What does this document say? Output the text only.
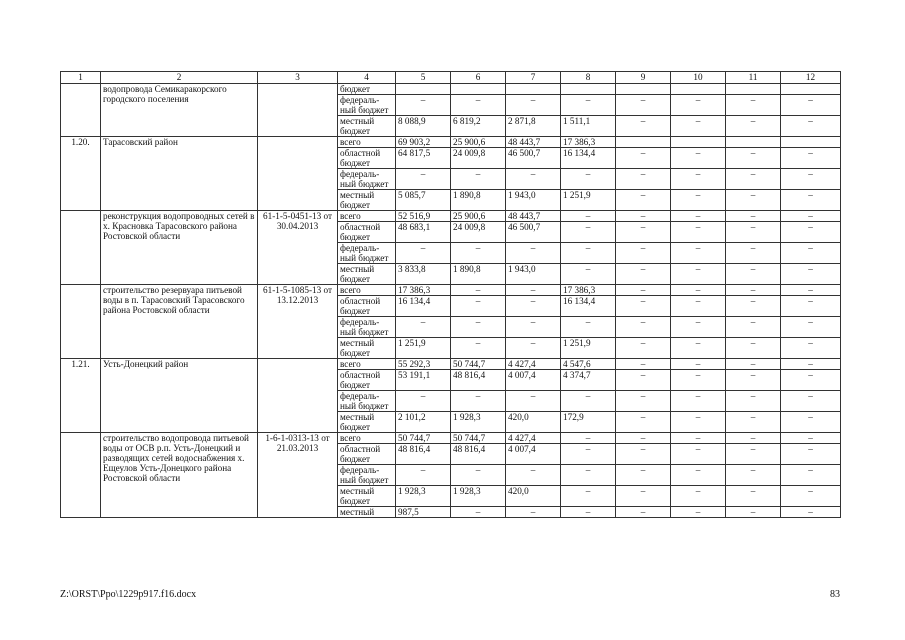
1	2	3	4	5	6	7	8	9	10	11	12
	водопровода Семикаракорского городского поселения		бюджет								
			федераль-ный бюджет	–	–	–	–	–	–	–	–
			местный бюджет	8 088,9	6 819,2	2 871,8	1 511,1	–	–	–	–
1.20.	Тарасовский район		всего	69 903,2	25 900,6	48 443,7	17 386,3				
			областной бюджет	64 817,5	24 009,8	46 500,7	16 134,4	–	–	–	–
			федераль-ный бюджет	–	–	–	–	–	–	–	–
			местный бюджет	5 085,7	1 890,8	1 943,0	1 251,9	–	–	–	–
	реконструкция водопроводных сетей в х. Красновка Тарасовского района Ростовской области	61-1-5-0451-13 от 30.04.2013	всего	52 516,9	25 900,6	48 443,7	–	–	–	–	–
			областной бюджет	48 683,1	24 009,8	46 500,7	–	–	–	–	–
			федераль-ный бюджет	–	–	–	–	–	–	–	–
			местный бюджет	3 833,8	1 890,8	1 943,0	–	–	–	–	–
	строительство резервуара питьевой воды в п. Тарасовский Тарасовского района Ростовской области	61-1-5-1085-13 от 13.12.2013	всего	17 386,3	–	–	17 386,3	–	–	–	–
			областной бюджет	16 134,4	–	–	16 134,4	–	–	–	–
			федераль-ный бюджет	–	–	–	–	–	–	–	–
			местный бюджет	1 251,9	–	–	1 251,9	–	–	–	–
1.21.	Усть-Донецкий район		всего	55 292,3	50 744,7	4 427,4	4 547,6	–	–	–	–
			областной бюджет	53 191,1	48 816,4	4 007,4	4 374,7	–	–	–	–
			федераль-ный бюджет	–	–	–	–	–	–	–	–
			местный бюджет	2 101,2	1 928,3	420,0	172,9	–	–	–	–
	строительство водопровода питьевой воды от ОСВ р.п. Усть-Донецкий и разводящих сетей водоснабжения х. Ещеулов Усть-Донецкого района Ростовской области	1-6-1-0313-13 от 21.03.2013	всего	50 744,7	50 744,7	4 427,4	–	–	–	–	–
			областной бюджет	48 816,4	48 816,4	4 007,4	–	–	–	–	–
			федераль-ный бюджет	–	–	–	–	–	–	–	–
			местный бюджет	1 928,3	1 928,3	420,0	–	–	–	–	–
			местный	987,5	–	–	–	–	–	–	–
Z:\ORST\Ppo\1229p917.f16.docx	83
